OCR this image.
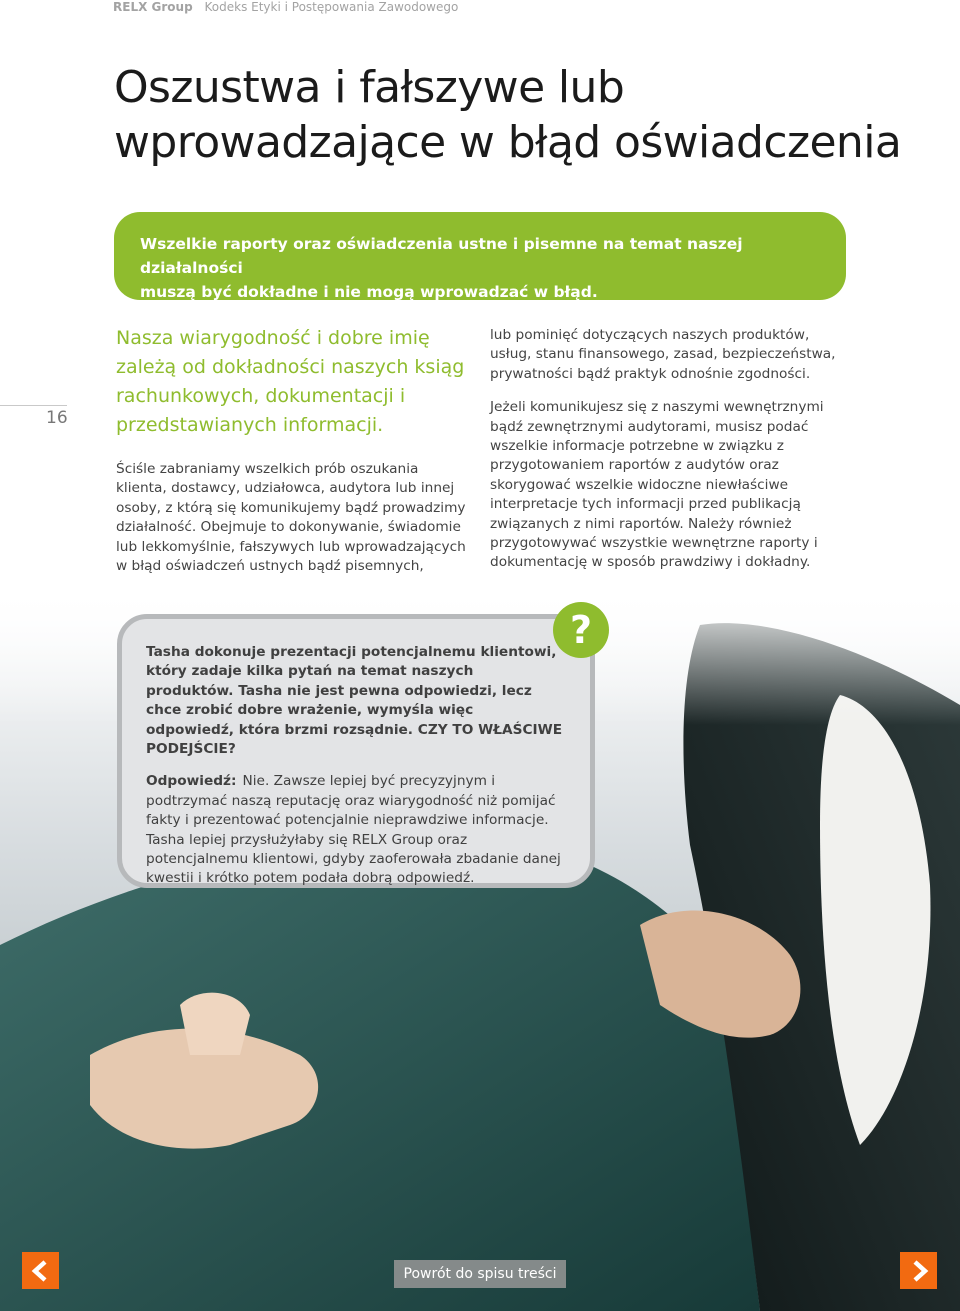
RELX Group Kodeks Etyki i Postępowania Zawodowego
Oszustwa i fałszywe lub
wprowadzające w błąd oświadczenia
Wszelkie raporty oraz oświadczenia ustne i pisemne na temat naszej działalności
muszą być dokładne i nie mogą wprowadzać w błąd.
16

Nasza wiarygodność i dobre imię zależą od dokładności naszych ksiąg rachunkowych, dokumentacji i przedstawianych informacji.

Ściśle zabraniamy wszelkich prób oszukania klienta, dostawcy, udziałowca, audytora lub innej osoby, z którą się komunikujemy bądź prowadzimy działalność. Obejmuje to dokonywanie, świadomie lub lekkomyślnie, fałszywych lub wprowadzających w błąd oświadczeń ustnych bądź pisemnych,

lub pominięć dotyczących naszych produktów, usług, stanu finansowego, zasad, bezpieczeństwa, prywatności bądź praktyk odnośnie zgodności.

Jeżeli komunikujesz się z naszymi wewnętrznymi bądź zewnętrznymi audytorami, musisz podać wszelkie informacje potrzebne w związku z przygotowaniem raportów z audytów oraz skorygować wszelkie widoczne niewłaściwe interpretacje tych informacji przed publikacją związanych z nimi raportów. Należy również przygotowywać wszystkie wewnętrzne raporty i dokumentację w sposób prawdziwy i dokładny.

Tasha dokonuje prezentacji potencjalnemu klientowi, który zadaje kilka pytań na temat naszych produktów. Tasha nie jest pewna odpowiedzi, lecz chce zrobić dobre wrażenie, wymyśla więc odpowiedź, która brzmi rozsądnie. CZY TO WŁAŚCIWE PODEJŚCIE?

Odpowiedź: Nie. Zawsze lepiej być precyzyjnym i podtrzymać naszą reputację oraz wiarygodność niż pomijać fakty i prezentować potencjalnie nieprawdziwe informacje. Tasha lepiej przysłużyłaby się RELX Group oraz potencjalnemu klientowi, gdyby zaoferowała zbadanie danej kwestii i krótko potem podała dobrą odpowiedź.

?
Powrót do spisu treści
